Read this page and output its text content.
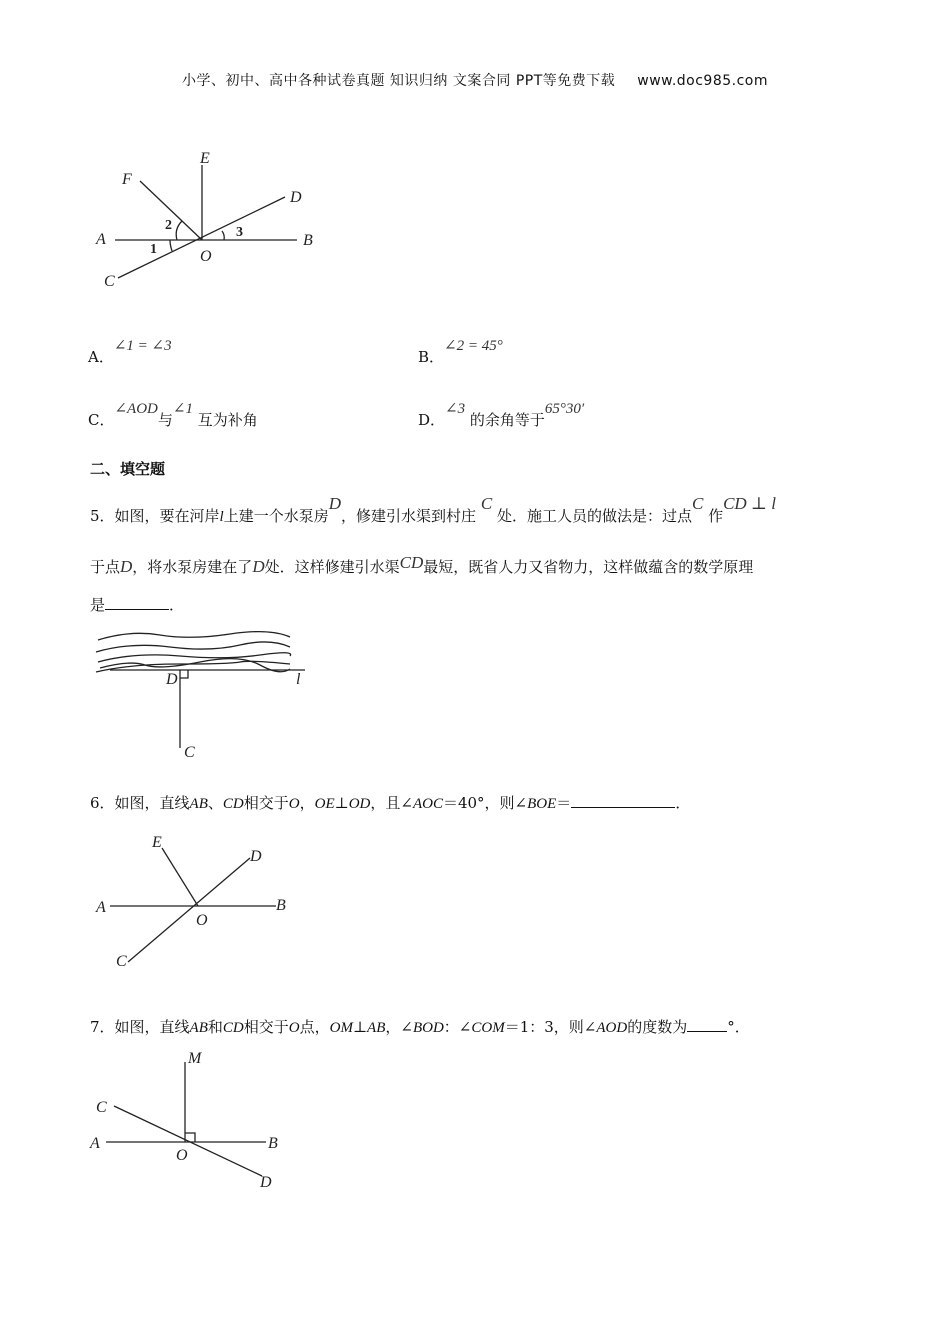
小学、初中、高中各种试卷真题 知识归纳 文案合同 PPT等免费下载 www.doc985.com
F
E
D
A	B
C
O
1
2	3
A．∠1 = ∠3
B．∠2 = 45°
C．∠AOD与∠1 互为补角	D．∠3 的余角等于65°30′
二、填空题
5．如图，要在河岸l上建一个水泵房D，修建引水渠到村庄 C 处．施工人员的做法是：过点C 作CD ⊥ l
于点D，将水泵房建在了D处．这样修建引水渠CD最短，既省人力又省物力，这样做蕴含的数学原理
是	．
D	l
C
6．如图，直线AB、CD相交于O，OE⊥OD，且∠AOC＝40°，则∠BOE＝	．
E
D
A	B
O
C
7．如图，直线AB和CD相交于O点，OM⊥AB，∠BOD：∠COM＝1：3，则∠AOD的度数为	°．
M
C
A	B
O
D
